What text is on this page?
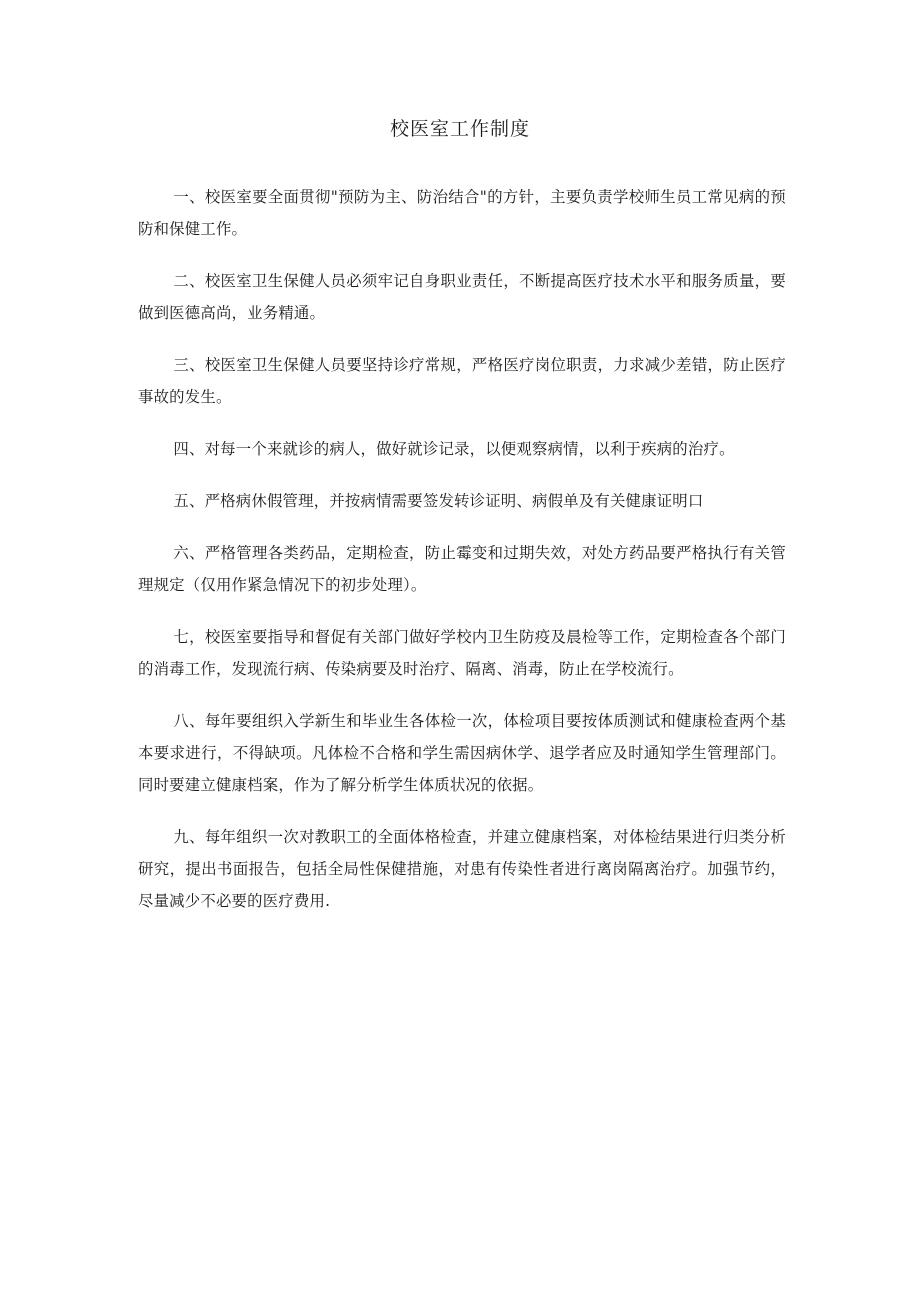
校医室工作制度

一、校医室要全面贯彻"预防为主、防治结合"的方针，主要负责学校师生员工常见病的预防和保健工作。

二、校医室卫生保健人员必须牢记自身职业责任，不断提高医疗技术水平和服务质量，要做到医德高尚，业务精通。

三、校医室卫生保健人员要坚持诊疗常规，严格医疗岗位职责，力求减少差错，防止医疗事故的发生。

四、对每一个来就诊的病人，做好就诊记录，以便观察病情，以利于疾病的治疗。

五、严格病休假管理，并按病情需要签发转诊证明、病假单及有关健康证明口

六、严格管理各类药品，定期检查，防止霉变和过期失效，对处方药品要严格执行有关管理规定（仅用作紧急情况下的初步处理）。

七，校医室要指导和督促有关部门做好学校内卫生防疫及晨检等工作，定期检查各个部门的消毒工作，发现流行病、传染病要及时治疗、隔离、消毒，防止在学校流行。

八、每年要组织入学新生和毕业生各体检一次，体检项目要按体质测试和健康检查两个基本要求进行，不得缺项。凡体检不合格和学生需因病休学、退学者应及时通知学生管理部门。同时要建立健康档案，作为了解分析学生体质状况的依据。

九、每年组织一次对教职工的全面体格检查，并建立健康档案，对体检结果进行归类分析研究，提出书面报告，包括全局性保健措施，对患有传染性者进行离岗隔离治疗。加强节约，尽量减少不必要的医疗费用.
